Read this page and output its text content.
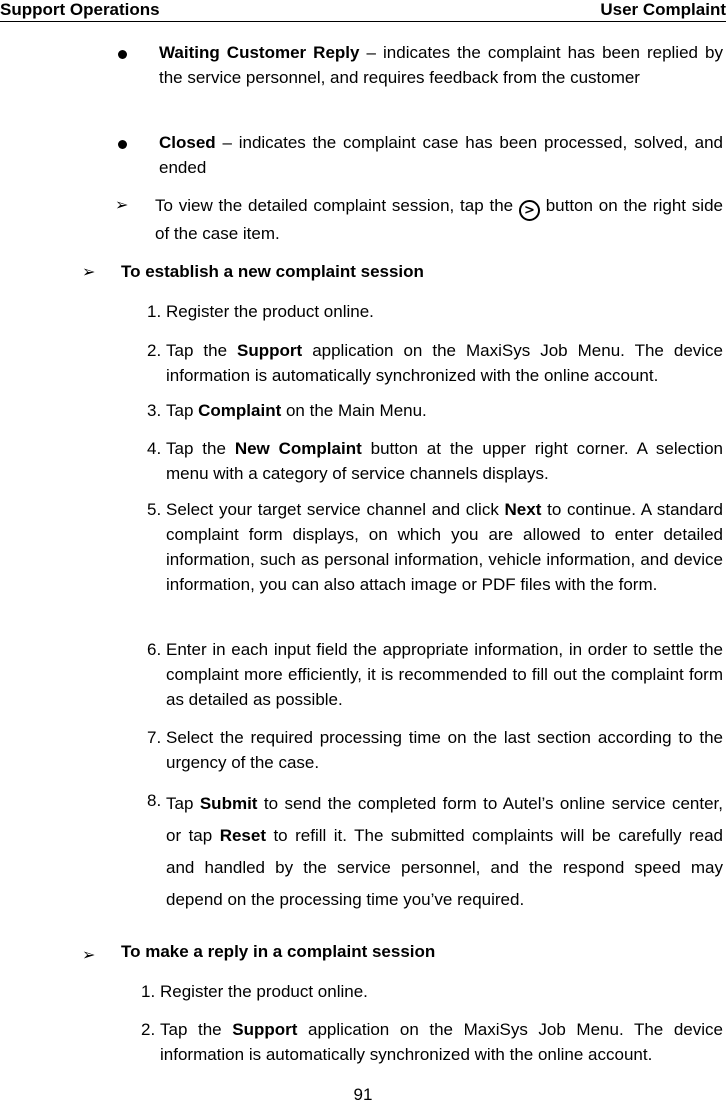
Support Operations	User Complaint
Waiting Customer Reply – indicates the complaint has been replied by the service personnel, and requires feedback from the customer
Closed – indicates the complaint case has been processed, solved, and ended
➢ To view the detailed complaint session, tap the > button on the right side of the case item.
➢ To establish a new complaint session
1. Register the product online.
2. Tap the Support application on the MaxiSys Job Menu. The device information is automatically synchronized with the online account.
3. Tap Complaint on the Main Menu.
4. Tap the New Complaint button at the upper right corner. A selection menu with a category of service channels displays.
5. Select your target service channel and click Next to continue. A standard complaint form displays, on which you are allowed to enter detailed information, such as personal information, vehicle information, and device information, you can also attach image or PDF files with the form.
6. Enter in each input field the appropriate information, in order to settle the complaint more efficiently, it is recommended to fill out the complaint form as detailed as possible.
7. Select the required processing time on the last section according to the urgency of the case.
8. Tap Submit to send the completed form to Autel’s online service center, or tap Reset to refill it. The submitted complaints will be carefully read and handled by the service personnel, and the respond speed may depend on the processing time you’ve required.
➢ To make a reply in a complaint session
1. Register the product online.
2. Tap the Support application on the MaxiSys Job Menu. The device information is automatically synchronized with the online account.
91
